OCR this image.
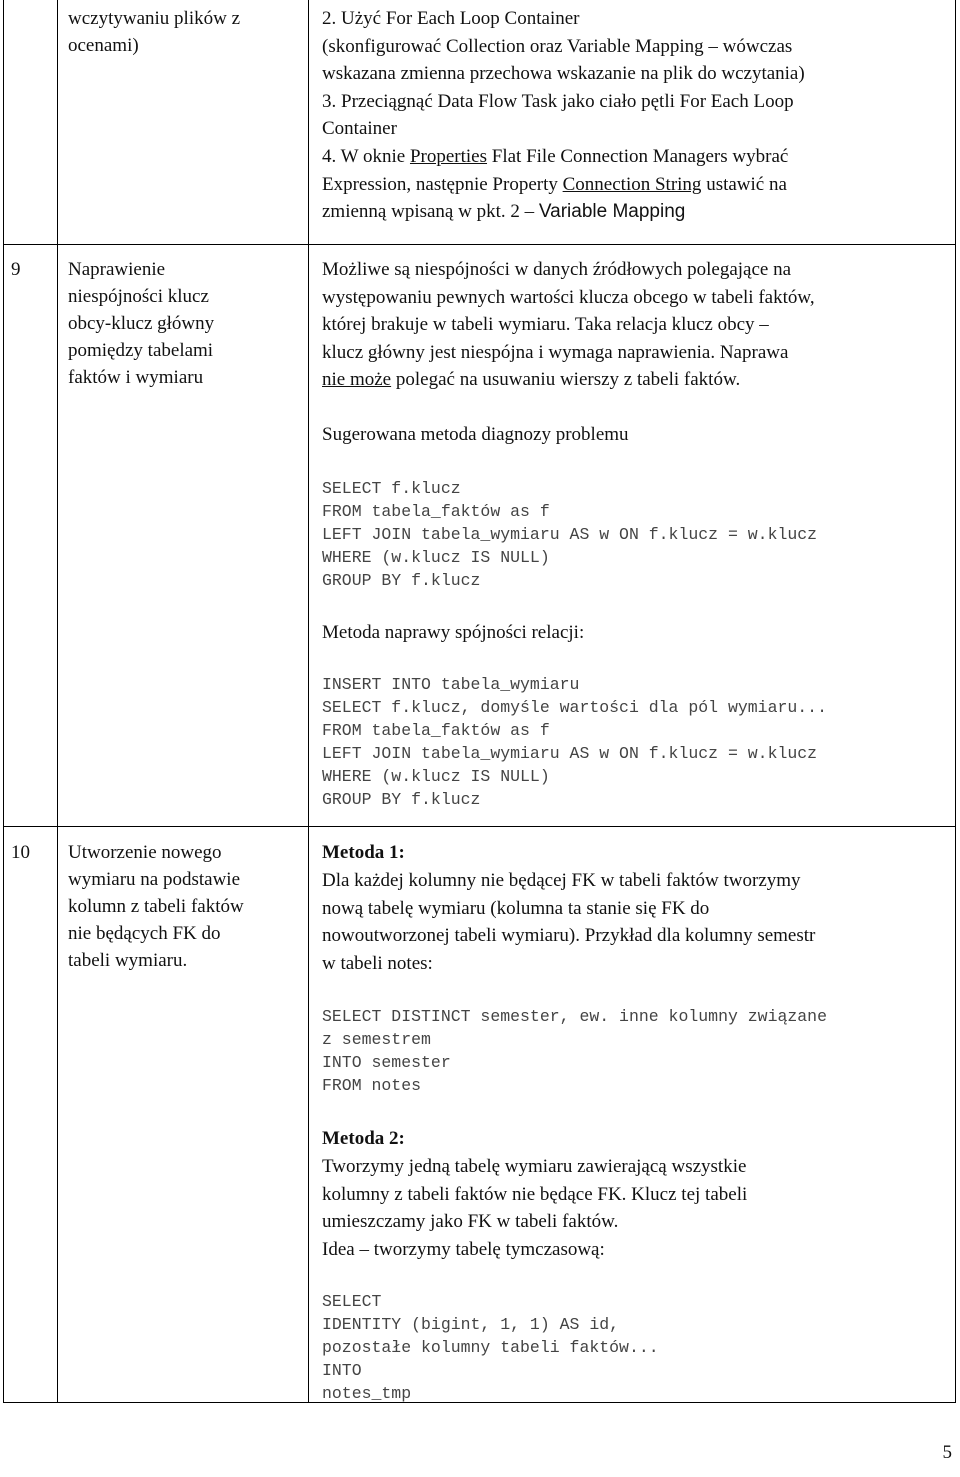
wczytywaniu plików z
ocenami)
2. Użyć For Each Loop Container
(skonfigurować Collection oraz Variable Mapping – wówczas
wskazana zmienna przechowa wskazanie na plik do wczytania)
3. Przeciągnąć Data Flow Task jako ciało pętli For Each Loop
Container
4. W oknie Properties Flat File Connection Managers wybrać
Expression, następnie Property Connection String ustawić na
zmienną wpisaną w pkt. 2 – Variable Mapping
9	Naprawienie
niespójności klucz
obcy-klucz główny
pomiędzy tabelami
faktów i wymiaru
Możliwe są niespójności w danych źródłowych polegające na
występowaniu pewnych wartości klucza obcego w tabeli faktów,
której brakuje w tabeli wymiaru. Taka relacja klucz obcy –
klucz główny jest niespójna i wymaga naprawienia. Naprawa
nie może polegać na usuwaniu wierszy z tabeli faktów.
Sugerowana metoda diagnozy problemu
SELECT f.klucz
FROM tabela_faktów as f
LEFT JOIN tabela_wymiaru AS w ON f.klucz = w.klucz
WHERE (w.klucz IS NULL)
GROUP BY f.klucz
Metoda naprawy spójności relacji:
INSERT INTO tabela_wymiaru
SELECT f.klucz, domyśle wartości dla pól wymiaru...
FROM tabela_faktów as f
LEFT JOIN tabela_wymiaru AS w ON f.klucz = w.klucz
WHERE (w.klucz IS NULL)
GROUP BY f.klucz
10 Utworzenie nowego
wymiaru na podstawie
kolumn z tabeli faktów
nie będących FK do
tabeli wymiaru.
Metoda 1:
Dla każdej kolumny nie będącej FK w tabeli faktów tworzymy
nową tabelę wymiaru (kolumna ta stanie się FK do
nowoutworzonej tabeli wymiaru). Przykład dla kolumny semestr
w tabeli notes:
SELECT DISTINCT semester, ew. inne kolumny związane
z semestrem
INTO semester
FROM notes
Metoda 2:
Tworzymy jedną tabelę wymiaru zawierającą wszystkie
kolumny z tabeli faktów nie będące FK. Klucz tej tabeli
umieszczamy jako FK w tabeli faktów.
Idea – tworzymy tabelę tymczasową:
SELECT
IDENTITY (bigint, 1, 1) AS id,
pozostałe kolumny tabeli faktów...
INTO
notes_tmp
5
